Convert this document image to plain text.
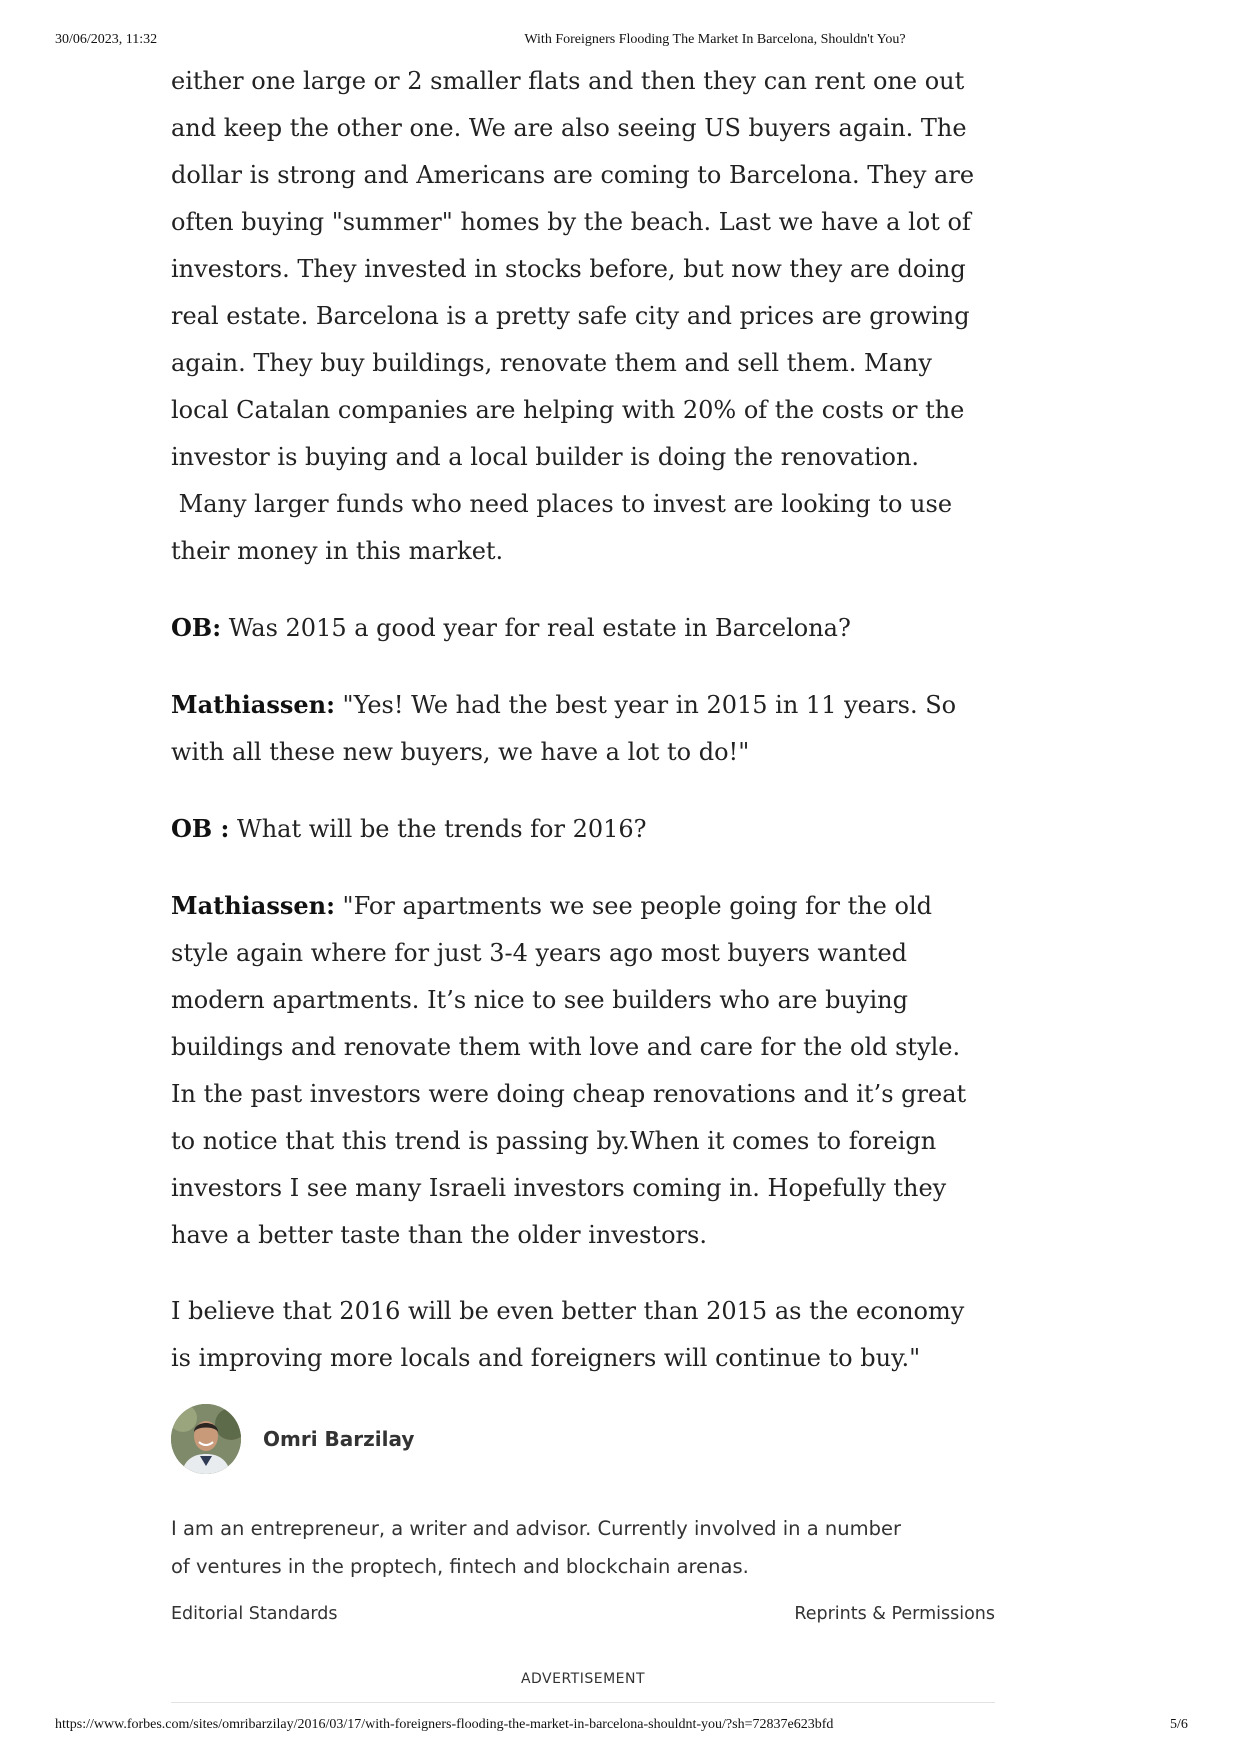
30/06/2023, 11:32	With Foreigners Flooding The Market In Barcelona, Shouldn't You?

either one large or 2 smaller flats and then they can rent one out
and keep the other one. We are also seeing US buyers again. The
dollar is strong and Americans are coming to Barcelona. They are
often buying "summer" homes by the beach. Last we have a lot of
investors. They invested in stocks before, but now they are doing
real estate. Barcelona is a pretty safe city and prices are growing
again. They buy buildings, renovate them and sell them. Many
local Catalan companies are helping with 20% of the costs or the
investor is buying and a local builder is doing the renovation.
Many larger funds who need places to invest are looking to use
their money in this market.

OB: Was 2015 a good year for real estate in Barcelona?

Mathiassen: "Yes! We had the best year in 2015 in 11 years. So
with all these new buyers, we have a lot to do!"

OB : What will be the trends for 2016?

Mathiassen: "For apartments we see people going for the old
style again where for just 3-4 years ago most buyers wanted
modern apartments. It’s nice to see builders who are buying
buildings and renovate them with love and care for the old style.
In the past investors were doing cheap renovations and it’s great
to notice that this trend is passing by.When it comes to foreign
investors I see many Israeli investors coming in. Hopefully they
have a better taste than the older investors.

I believe that 2016 will be even better than 2015 as the economy
is improving more locals and foreigners will continue to buy."

Omri Barzilay
I am an entrepreneur, a writer and advisor. Currently involved in a number
of ventures in the proptech, fintech and blockchain arenas.
Editorial Standards	Reprints & Permissions
ADVERTISEMENT
https://www.forbes.com/sites/omribarzilay/2016/03/17/with-foreigners-flooding-the-market-in-barcelona-shouldnt-you/?sh=72837e623bfd	5/6
